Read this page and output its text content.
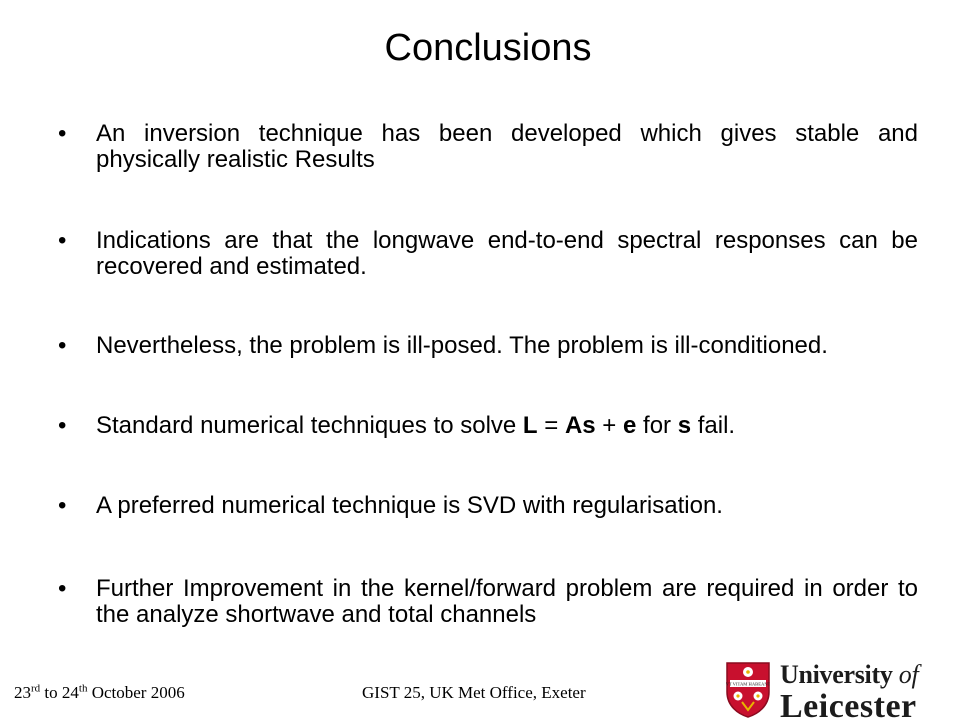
Conclusions
• An inversion technique has been developed which gives stable and physically realistic Results
• Indications are that the longwave end-to-end spectral responses can be recovered and estimated.
• Nevertheless, the problem is ill-posed. The problem is ill-conditioned.
• Standard numerical techniques to solve L = As + e for s fail.
• A preferred numerical technique is SVD with regularisation.
• Further Improvement in the kernel/forward problem are required in order to the analyze shortwave and total channels
23rd to 24th October 2006	GIST 25, UK Met Office, Exeter	VT VITAM HABEANT University of
Leicester
